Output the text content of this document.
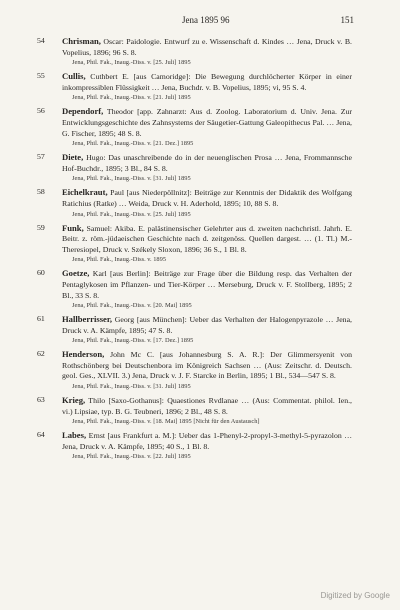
Jena 1895 96	151
54 Chrisman, Oscar: Paidologie. Entwurf zu e. Wissenschaft d. Kindes … Jena, Druck v. B. Vopelius, 1896; 96 S. 8.
Jena, Phil. Fak., Inaug.-Diss. v. [25. Juli] 1895
55 Cullis, Cuthbert E. [aus Camoridge]: Die Bewegung durchlöcherter Körper in einer inkompressiblen Flüssigkeit … Jena, Buchdr. v. B. Vopelius, 1895; vi, 95 S. 4.
Jena, Phil. Fak., Inaug.-Diss. v. [21. Juli] 1895
56 Dependorf, Theodor [app. Zahnarzt: Aus d. Zoolog. Laboratorium d. Univ. Jena. Zur Entwicklungsgeschichte des Zahnsystems der Säugetier-Gattung Galeopithecus Pal. … Jena, G. Fischer, 1895; 48 S. 8.
Jena, Phil. Fak., Inaug.-Diss. v. [21. Dez.] 1895
57 Diete, Hugo: Das unaschreibende do in der neuenglischen Prosa … Jena, Frommannsche Hof-Buchdr., 1895; 3 Bl., 84 S. 8.
Jena, Phil. Fak., Inaug.-Diss. v. [31. Juli] 1895
58 Eichelkraut, Paul [aus Niederpöllnitz]: Beiträge zur Kenntnis der Didaktik des Wolfgang Ratichius (Ratke) … Weida, Druck v. H. Aderhold, 1895; 10, 88 S. 8.
Jena, Phil. Fak., Inaug.-Diss. v. [25. Juli] 1895
59 Funk, Samuel: Akiba. E. palästinensischer Gelehrter aus d. zweiten nachchristl. Jahrh. E. Beitr. z. röm.-jüdaeischen Geschichte nach d. zeitgenöss. Quellen dargest. … (1. Tl.) M.-Theresiopel, Druck v. Székely Sloxon, 1896; 36 S., 1 Bl. 8.
Jena, Phil. Fak., Inaug.-Diss. v. 1895
60 Goetze, Karl [aus Berlin]: Beiträge zur Frage über die Bildung resp. das Verhalten der Pentaglykosen im Pflanzen- und Tier-Körper … Merseburg, Druck v. F. Stollberg, 1895; 2 Bl., 33 S. 8.
Jena, Phil. Fak., Inaug.-Diss. v. [20. Mai] 1895
61 Hallberrisser, Georg [aus München]: Ueber das Verhalten der Halogenpyrazole … Jena, Druck v. A. Kämpfe, 1895; 47 S. 8.
Jena, Phil. Fak., Inaug.-Diss. v. [17. Dez.] 1895
62 Henderson, John Mc C. [aus Johannesburg S. A. R.]: Der Glimmersyenit von Rothschönberg bei Deutschenbora im Königreich Sachsen … (Aus: Zeitschr. d. Deutsch. geol. Ges., XLVII. 3.) Jena, Druck v. J. F. Starcke in Berlin, 1895; 1 Bl., 534—547 S. 8.
Jena, Phil. Fak., Inaug.-Diss. v. [31. Juli] 1895
63 Krieg, Thilo [Saxo-Gothanus]: Quaestiones Rvdlanae … (Aus: Commentat. philol. Ien., vi.) Lipsiae, typ. B. G. Teubneri, 1896; 2 Bl., 48 S. 8.
Jena, Phil. Fak., Inaug.-Diss. v. [18. Mai] 1895 [Nicht für den Austausch]
64 Labes, Ernst [aus Frankfurt a. M.]: Ueber das 1-Phenyl-2-propyl-3-methyl-5-pyrazolon … Jena, Druck v. A. Kämpfe, 1895; 40 S., 1 Bl. 8.
Jena, Phil. Fak., Inaug.-Diss. v. [22. Juli] 1895
Digitized by Google
